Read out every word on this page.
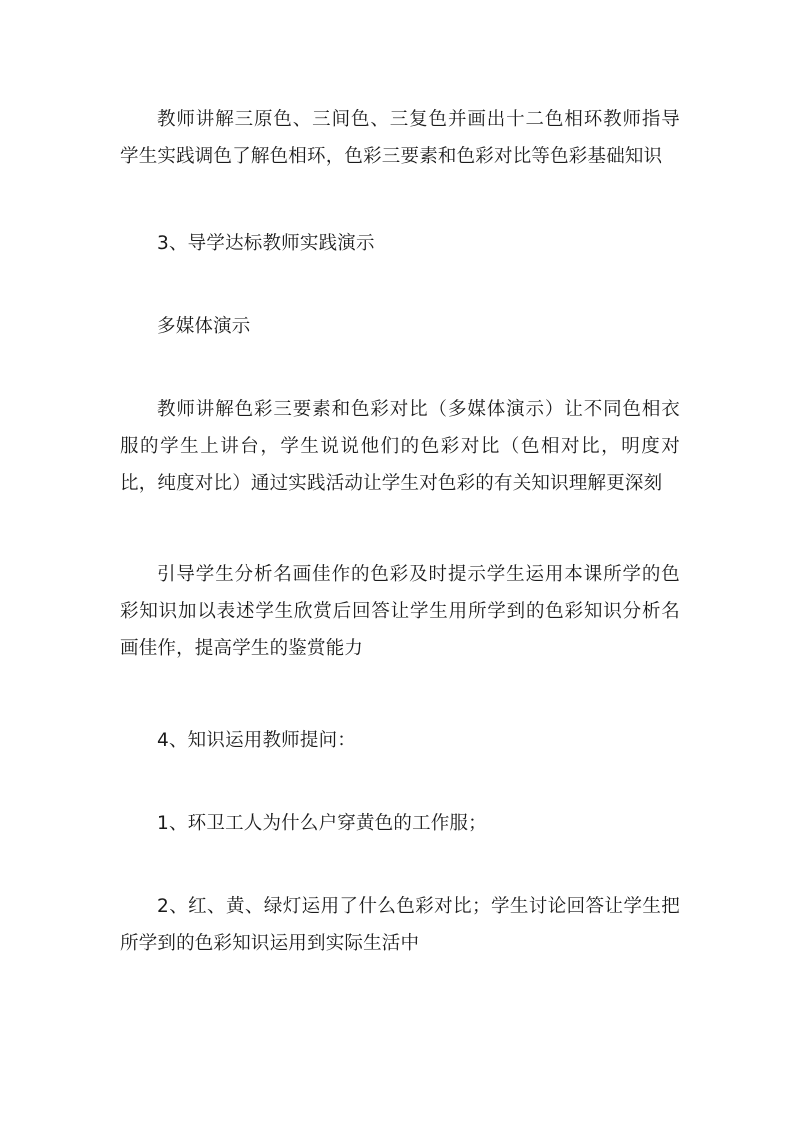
教师讲解三原色、三间色、三复色并画出十二色相环教师指导学生实践调色了解色相环，色彩三要素和色彩对比等色彩基础知识

3、导学达标教师实践演示

多媒体演示

教师讲解色彩三要素和色彩对比（多媒体演示）让不同色相衣服的学生上讲台，学生说说他们的色彩对比（色相对比，明度对比，纯度对比）通过实践活动让学生对色彩的有关知识理解更深刻

引导学生分析名画佳作的色彩及时提示学生运用本课所学的色彩知识加以表述学生欣赏后回答让学生用所学到的色彩知识分析名画佳作，提高学生的鉴赏能力

4、知识运用教师提问：

1、环卫工人为什么户穿黄色的工作服；

2、红、黄、绿灯运用了什么色彩对比；学生讨论回答让学生把所学到的色彩知识运用到实际生活中
